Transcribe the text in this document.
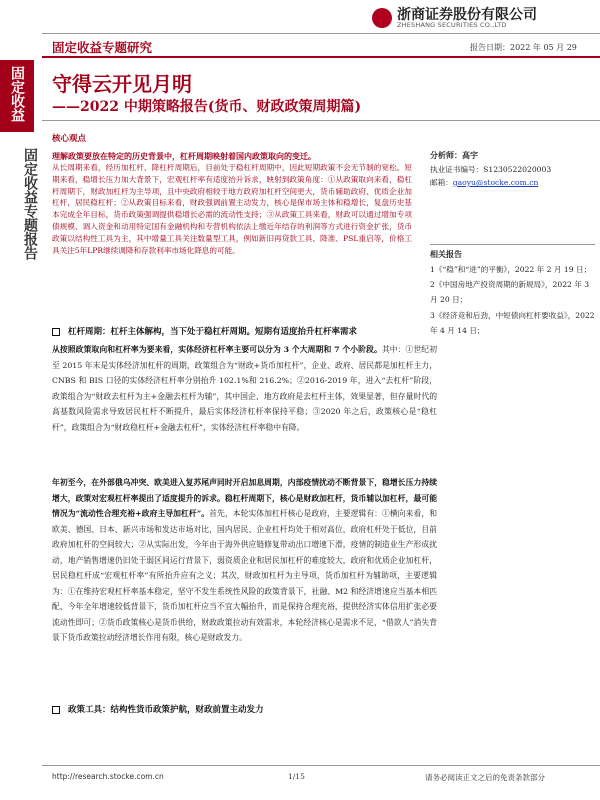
浙商证券股份有限公司
ZHESHANG SECURITIES CO.,LTD
固定收益专题研究	报告日期：2022 年 05 月 29
固定收益
固定收益专题报告
守得云开见月明
——2022 中期策略报告(货币、财政政策周期篇)
核心观点
理解政策要放在特定的历史背景中，杠杆周期映射着国内政策取向的变迁。
从长周期来看，经历加杠杆、降杠杆周期后，目前处于稳杠杆周期中，因此短期政策不会无节制的宽松。短期来看，稳增长压力加大背景下，宏观杠杆率有适度抬升诉求，映射到政策角度：①从政策取向来看，稳杠杆周期下，财政加杠杆为主导项，且中央政府相较于地方政府加杠杆空间更大，货币辅助政府、优质企业加杠杆，居民稳杠杆；②从政策目标来看，财政强调前置主动发力，核心是保市场主体和稳增长，复盘历史基本完成全年目标，货币政策强调提供稳增长必需的流动性支持；③从政策工具来看，财政可以通过增加专项债规模、调入资金和动用特定国有金融机构和专营机构依法上缴近年结存的利润等方式进行资金扩张，货币政策以结构性工具为主，其中增量工具关注数量型工具，例如新旧再贷款工具、降准、PSL重启等，价格工具关注5年LPR继续调降和存款利率市场化降息的可能。
分析师：高宇
执业证书编号：S1230522020003
邮箱：gaoyu@stocke.com.cn
相关报告
1《“稳”和“进”的平衡》，2022 年 2 月 19 日；
2《中国房地产投资周期的新规局》，2022 年 3 月 20 日；
3《经济竞和后劲，中短债向杠杆要收益》，2022 年 4 月 14 日；
杠杆周期：杠杆主体解构，当下处于稳杠杆周期。短期有适度抬升杠杆率需求
从按照政策取向和杠杆率为要来看，实体经济杠杆率主要可以分为 3 个大周期和 7 个小阶段。其中：①世纪初至 2015 年末是实体经济加杠杆的周期，政策组合为“财政+货币加杠杆”，企业、政府、居民都是加杠杆主力，CNBS 和 BIS 口径的实体经济杠杆率分别抬升 102.1%和 216.2%；②2016-2019 年，进入“去杠杆”阶段，政策组合为“财政去杠杆为主+金融去杠杆为辅”，其中国企、地方政府是去杠杆主体，效果显著，但存量时代的高基数风险需求导致居民杠杆不断提升，最后实体经济杠杆率保持平稳；③2020 年之后，政策核心是“稳杠杆”，政策组合为“财政稳杠杆+金融去杠杆”，实体经济杠杆率稳中有降。
年初至今，在外部俄乌冲突、欧美进入复苏尾声同时开启加息周期，内部疫情扰动不断背景下，稳增长压力持续增大，政策对宏观杠杆率提出了适度提升的诉求。稳杠杆周期下，核心是财政加杠杆，货币辅以加杠杆，最可能情况为“流动性合理充裕+政府主导加杠杆”。首先，本轮实体加杠杆核心是政府，主要逻辑有：①横向来看，和欧美、德国、日本、新兴市场和发达市场对比，国内居民、企业杠杆均处于相对高位，政府杠杆处于低位，目前政府加杠杆的空间较大；②从实际出发，今年由于海外供应链修复带动出口增速下滑，疫情的制造业生产形成扰动，地产销售增速仍旧处于弱区间运行背景下，弱资质企业和居民加杠杆的难度较大，政府和优质企业加杠杆，居民稳杠杆成“宏观杠杆率”有所抬升应有之义；其次，财政加杠杆为主导项，货币加杠杆为辅助项，主要逻辑为：①在维持宏观杠杆率基本稳定，坚守不发生系统性风险的政策背景下，社融、M2 和经济增速应当基本相匹配，今年全年增速较低背景下，货币加杠杆应当不宜大幅抬升，而是保持合理充裕，提供经济实体信用扩张必要流动性即可；②货币政策核心是货币供给，财政政策拉动有效需求，本轮经济核心是需求不足，“借款人”消失背景下货币政策拉动经济增长作用有限，核心是财政发力。
政策工具：结构性货币政策护航，财政前置主动发力
http://research.stocke.com.cn	1/15	请务必阅读正文之后的免责条款部分
